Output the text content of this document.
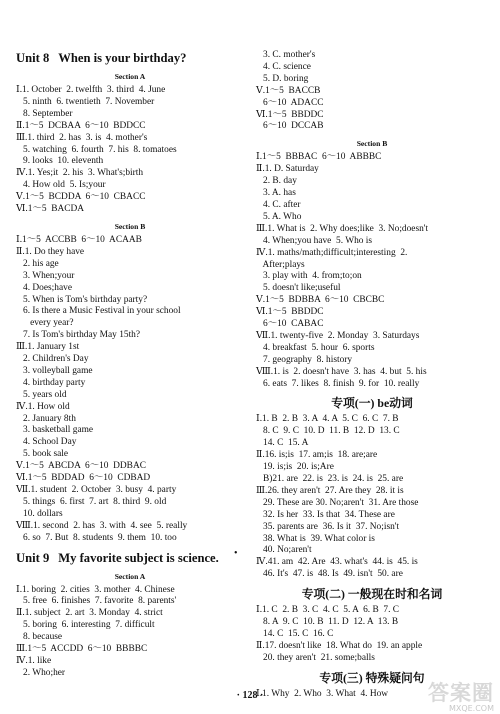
Unit 8 When is your birthday?
Section A
Ⅰ.1. October  2. twelfth  3. third  4. June
5. ninth  6. twentieth  7. November
8. September
Ⅱ.1～5  DCBAA  6～10  BDDCC
Ⅲ.1. third  2. has  3. is  4. mother's
5. watching  6. fourth  7. his  8. tomatoes
9. looks  10. eleventh
Ⅳ.1. Yes;it  2. his  3. What's;birth
4. How old  5. Is;your
Ⅴ.1～5  BCDDA  6～10  CBACC
Ⅵ.1～5  BACDA
Section B
Ⅰ.1～5  ACCBB  6～10  ACAAB
Ⅱ.1. Do they have
2. his age
3. When;your
4. Does;have
5. When is Tom's birthday party?
6. Is there a Music Festival in your school
every year?
7. Is Tom's birthday May 15th?
Ⅲ.1. January 1st
2. Children's Day
3. volleyball game
4. birthday party
5. years old
Ⅳ.1. How old
2. January 8th
3. basketball game
4. School Day
5. book sale
Ⅴ.1～5  ABCDA  6～10  DDBAC
Ⅵ.1～5  BDDAD  6～10  CDBAD
Ⅶ.1. student  2. October  3. busy  4. party
5. things  6. first  7. art  8. third  9. old
10. dollars
Ⅷ.1. second  2. has  3. with  4. see  5. really
6. so  7. But  8. students  9. them  10. too
Unit 9 My favorite subject is science.
Section A
Ⅰ.1. boring  2. cities  3. mother  4. Chinese
5. free  6. finishes  7. favorite  8. parents'
Ⅱ.1. subject  2. art  3. Monday  4. strict
5. boring  6. interesting  7. difficult
8. because
Ⅲ.1～5  ACCDD  6～10  BBBBC
Ⅳ.1. like
2. Who;her
3. C. mother's
4. C. science
5. D. boring
Ⅴ.1～5  BACCB
6～10  ADACC
Ⅵ.1～5  BBDDC
6～10  DCCAB
Section B
Ⅰ.1～5  BBBAC  6～10  ABBBC
Ⅱ.1. D. Saturday
2. B. day
3. A. has
4. C. after
5. A. Who
Ⅲ.1. What is  2. Why does;like  3. No;doesn't
4. When;you have  5. Who is
Ⅳ.1. maths/math;difficult;interesting  2.
After;plays
3. play with  4. from;to;on
5. doesn't like;useful
Ⅴ.1～5  BDBBA  6～10  CBCBC
Ⅵ.1～5  BBDDC
6～10  CABAC
Ⅶ.1. twenty-five  2. Monday  3. Saturdays
4. breakfast  5. hour  6. sports
7. geography  8. history
Ⅷ.1. is  2. doesn't have  3. has  4. but  5. his
6. eats  7. likes  8. finish  9. for  10. really
专项(一) be动词
Ⅰ.1. B  2. B  3. A  4. A  5. C  6. C  7. B
8. C  9. C  10. D  11. B  12. D  13. C
14. C  15. A
Ⅱ.16. is;is  17. am;is  18. are;are
19. is;is  20. is;Are
B)21. are  22. is  23. is  24. is  25. are
Ⅲ.26. they aren't  27. Are they  28. it is
29. These are 30. No;aren't  31. Are those
32. Is her  33. Is that  34. These are
35. parents are  36. Is it  37. No;isn't
38. What is  39. What color is
40. No;aren't
Ⅳ.41. am  42. Are  43. what's  44. is  45. is
46. It's  47. is  48. Is  49. isn't  50. are
专项(二) 一般现在时和名词
Ⅰ.1. C  2. B  3. C  4. C  5. A  6. B  7. C
8. A  9. C  10. B  11. D  12. A  13. B
14. C  15. C  16. C
Ⅱ.17. doesn't like  18. What do  19. an apple
20. they aren't  21. some;balls
专项(三) 特殊疑问句
Ⅰ.1. Why  2. Who  3. What  4. How
•
· 128 ·	答案圈
MXQE.COM
